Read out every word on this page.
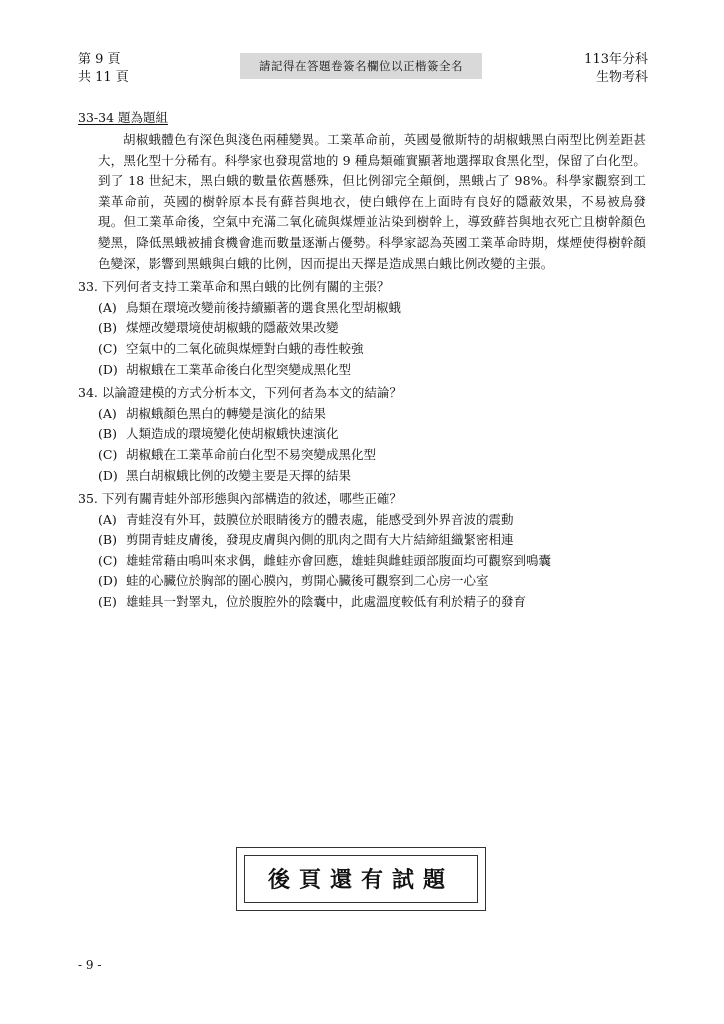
第 9 頁
共 11 頁
請記得在答題卷簽名欄位以正楷簽全名	113年分科
生物考科
33-34 題為題組
胡椒蛾體色有深色與淺色兩種變異。工業革命前，英國曼徹斯特的胡椒蛾黑白兩型比例差距甚大，黑化型十分稀有。科學家也發現當地的 9 種鳥類確實顯著地選擇取食黑化型，保留了白化型。到了 18 世紀末，黑白蛾的數量依舊懸殊，但比例卻完全顛倒，黑蛾占了 98%。科學家觀察到工業革命前，英國的樹幹原本長有蘚苔與地衣，使白蛾停在上面時有良好的隱蔽效果，不易被鳥發現。但工業革命後，空氣中充滿二氧化硫與煤煙並沾染到樹幹上，導致蘚苔與地衣死亡且樹幹顏色變黑，降低黑蛾被捕食機會進而數量逐漸占優勢。科學家認為英國工業革命時期，煤煙使得樹幹顏色變深，影響到黑蛾與白蛾的比例，因而提出天擇是造成黑白蛾比例改變的主張。
33. 下列何者支持工業革命和黑白蛾的比例有關的主張？
(A) 鳥類在環境改變前後持續顯著的選食黑化型胡椒蛾
(B) 煤煙改變環境使胡椒蛾的隱蔽效果改變
(C) 空氣中的二氧化硫與煤煙對白蛾的毒性較強
(D) 胡椒蛾在工業革命後白化型突變成黑化型
34. 以論證建模的方式分析本文，下列何者為本文的結論？
(A) 胡椒蛾顏色黑白的轉變是演化的結果
(B) 人類造成的環境變化使胡椒蛾快速演化
(C) 胡椒蛾在工業革命前白化型不易突變成黑化型
(D) 黑白胡椒蛾比例的改變主要是天擇的結果
35. 下列有關青蛙外部形態與內部構造的敘述，哪些正確？
(A) 青蛙沒有外耳，鼓膜位於眼睛後方的體表處，能感受到外界音波的震動
(B) 剪開青蛙皮膚後，發現皮膚與內側的肌肉之間有大片結締組織緊密相連
(C) 雄蛙常藉由鳴叫來求偶，雌蛙亦會回應，雄蛙與雌蛙頭部腹面均可觀察到鳴囊
(D) 蛙的心臟位於胸部的圍心膜內，剪開心臟後可觀察到二心房一心室
(E) 雄蛙具一對睪丸，位於腹腔外的陰囊中，此處溫度較低有利於精子的發育
後頁還有試題
- 9 -
